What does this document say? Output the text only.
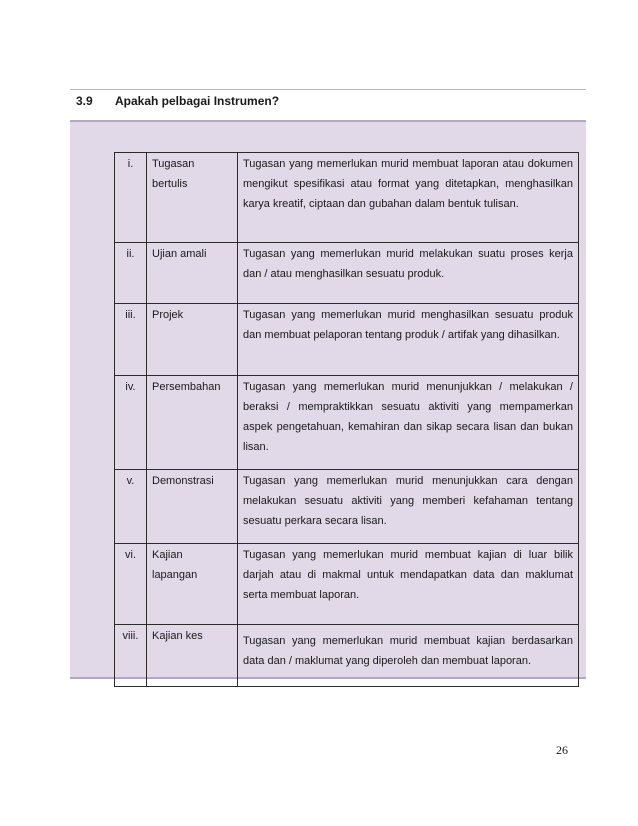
3.9 Apakah pelbagai Instrumen?
i.	Tugasan bertulis	Tugasan yang memerlukan murid membuat laporan atau dokumen mengikut spesifikasi atau format yang ditetapkan, menghasilkan karya kreatif, ciptaan dan gubahan dalam bentuk tulisan.
ii.	Ujian amali	Tugasan yang memerlukan murid melakukan suatu proses kerja dan / atau menghasilkan sesuatu produk.
iii.	Projek	Tugasan yang memerlukan murid menghasilkan sesuatu produk dan membuat pelaporan tentang produk / artifak yang dihasilkan.
iv.	Persembahan	Tugasan yang memerlukan murid menunjukkan / melakukan / beraksi / mempraktikkan sesuatu aktiviti yang mempamerkan aspek pengetahuan, kemahiran dan sikap secara lisan dan bukan lisan.
v.	Demonstrasi	Tugasan yang memerlukan murid menunjukkan cara dengan melakukan sesuatu aktiviti yang memberi kefahaman tentang sesuatu perkara secara lisan.
vi.	Kajian lapangan	Tugasan yang memerlukan murid membuat kajian di luar bilik darjah atau di makmal untuk mendapatkan data dan maklumat serta membuat laporan.
viii.	Kajian kes	Tugasan yang memerlukan murid membuat kajian berdasarkan data dan / maklumat yang diperoleh dan membuat laporan.
26
